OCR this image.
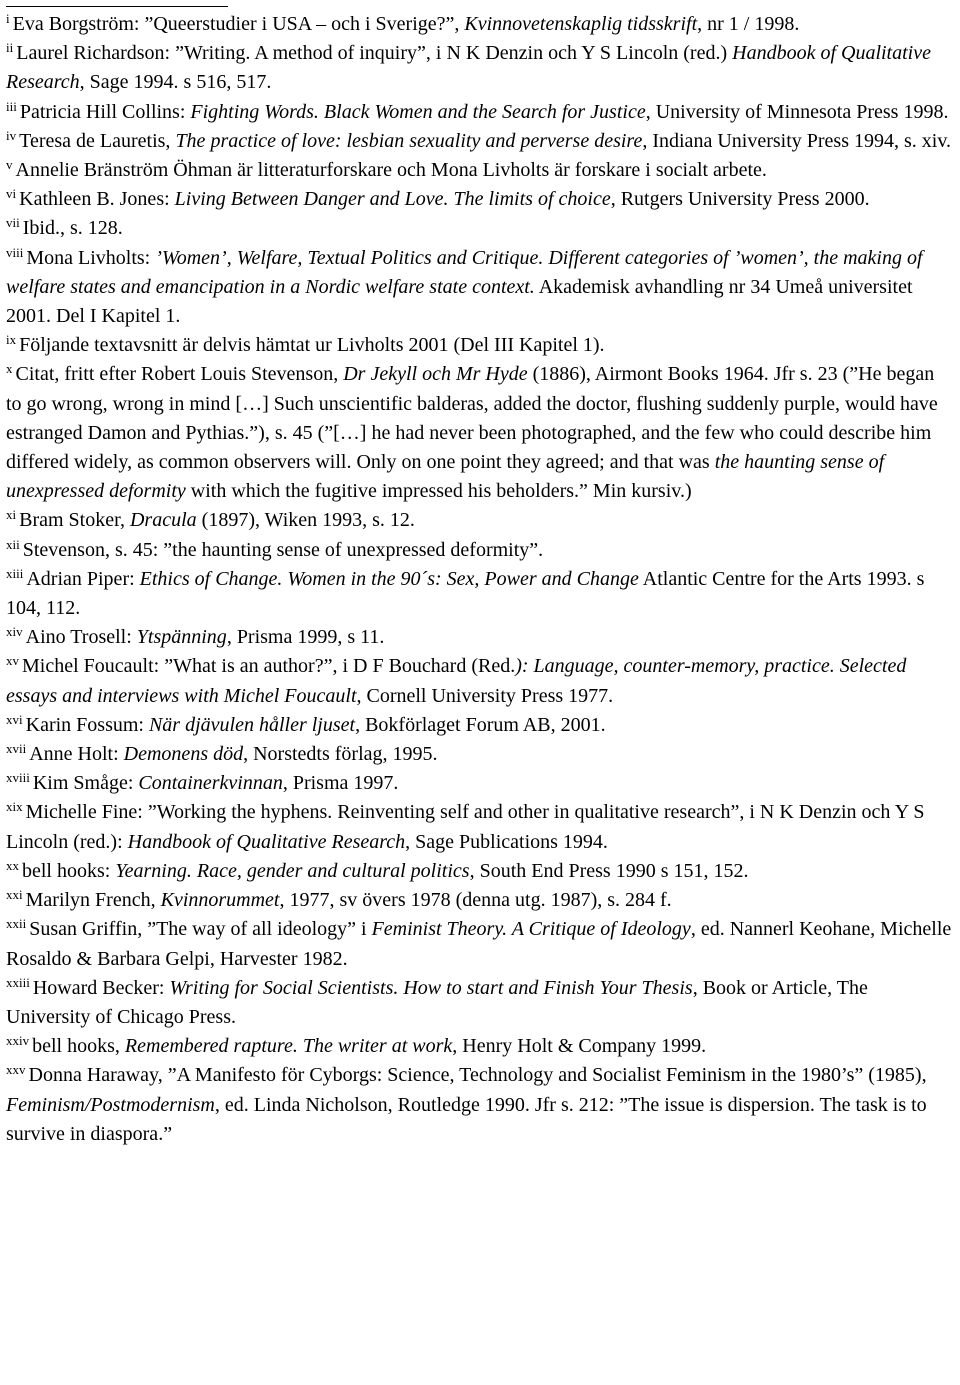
$^i$ Eva Borgström: ”Queerstudier i USA – och i Sverige?”, Kvinnovetenskaplig tidsskrift, nr 1 / 1998.

$^{ii}$ Laurel Richardson: ”Writing. A method of inquiry”, i N K Denzin och Y S Lincoln (red.) Handbook of Qualitative Research, Sage 1994. s 516, 517.

$^{iii}$ Patricia Hill Collins: Fighting Words. Black Women and the Search for Justice, University of Minnesota Press 1998.

$^{iv}$ Teresa de Lauretis, The practice of love: lesbian sexuality and perverse desire, Indiana University Press 1994, s. xiv.

$^v$ Annelie Bränström Öhman är litteraturforskare och Mona Livholts är forskare i socialt arbete.

$^{vi}$ Kathleen B. Jones: Living Between Danger and Love. The limits of choice, Rutgers University Press 2000.

$^{vii}$ Ibid., s. 128.

$^{viii}$ Mona Livholts: ’Women’, Welfare, Textual Politics and Critique. Different categories of ’women’, the making of welfare states and emancipation in a Nordic welfare state context. Akademisk avhandling nr 34 Umeå universitet 2001. Del I Kapitel 1.

$^{ix}$ Följande textavsnitt är delvis hämtat ur Livholts 2001 (Del III Kapitel 1).

$^x$ Citat, fritt efter Robert Louis Stevenson, Dr Jekyll och Mr Hyde (1886), Airmont Books 1964. Jfr s. 23 (”He began to go wrong, wrong in mind […] Such unscientific balderas, added the doctor, flushing suddenly purple, would have estranged Damon and Pythias.”), s. 45 (”[…] he had never been photographed, and the few who could describe him differed widely, as common observers will. Only on one point they agreed; and that was the haunting sense of unexpressed deformity with which the fugitive impressed his beholders.” Min kursiv.)

$^{xi}$ Bram Stoker, Dracula (1897), Wiken 1993, s. 12.

$^{xii}$ Stevenson, s. 45: ”the haunting sense of unexpressed deformity”.

$^{xiii}$ Adrian Piper: Ethics of Change. Women in the 90´s: Sex, Power and Change Atlantic Centre for the Arts 1993. s 104, 112.

$^{xiv}$ Aino Trosell: Ytspänning, Prisma 1999, s 11.

$^{xv}$ Michel Foucault: ”What is an author?”, i D F Bouchard (Red.): Language, counter-memory, practice. Selected essays and interviews with Michel Foucault, Cornell University Press 1977.

$^{xvi}$ Karin Fossum: När djävulen håller ljuset, Bokförlaget Forum AB, 2001.

$^{xvii}$ Anne Holt: Demonens död, Norstedts förlag, 1995.

$^{xviii}$ Kim Småge: Containerkvinnan, Prisma 1997.

$^{xix}$ Michelle Fine: ”Working the hyphens. Reinventing self and other in qualitative research”, i N K Denzin och Y S Lincoln (red.): Handbook of Qualitative Research, Sage Publications 1994.

$^{xx}$ bell hooks: Yearning. Race, gender and cultural politics, South End Press 1990 s 151, 152.

$^{xxi}$ Marilyn French, Kvinnorummet, 1977, sv övers 1978 (denna utg. 1987), s. 284 f.

$^{xxii}$ Susan Griffin, ”The way of all ideology” i Feminist Theory. A Critique of Ideology, ed. Nannerl Keohane, Michelle Rosaldo & Barbara Gelpi, Harvester 1982.

$^{xxiii}$ Howard Becker: Writing for Social Scientists. How to start and Finish Your Thesis, Book or Article, The University of Chicago Press.

$^{xxiv}$ bell hooks, Remembered rapture. The writer at work, Henry Holt & Company 1999.

$^{xxv}$ Donna Haraway, ”A Manifesto för Cyborgs: Science, Technology and Socialist Feminism in the 1980’s” (1985), Feminism/Postmodernism, ed. Linda Nicholson, Routledge 1990. Jfr s. 212: ”The issue is dispersion. The task is to survive in diaspora.”
